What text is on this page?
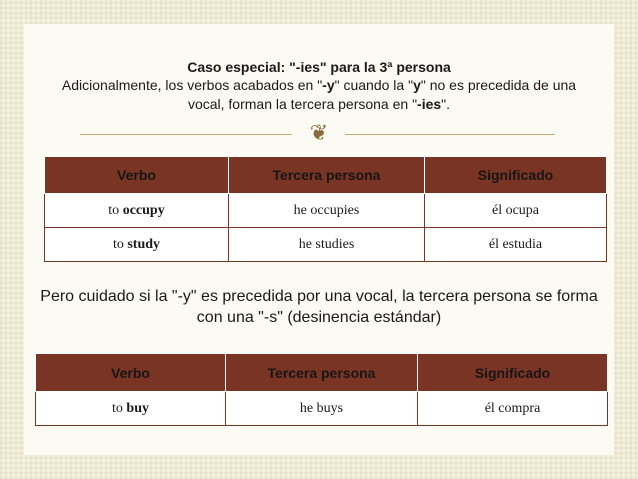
Caso especial: "-ies" para la 3ª persona
Adicionalmente, los verbos acabados en "-y" cuando la "y" no es precedida de una vocal, forman la tercera persona en "-ies".
❦
Verbo	Tercera persona	Significado
to occupy	he occupies	él ocupa
to study	he studies	él estudia
Pero cuidado si la "-y" es precedida por una vocal, la tercera persona se forma con una "-s" (desinencia estándar)
Verbo	Tercera persona	Significado
to buy	he buys	él compra
